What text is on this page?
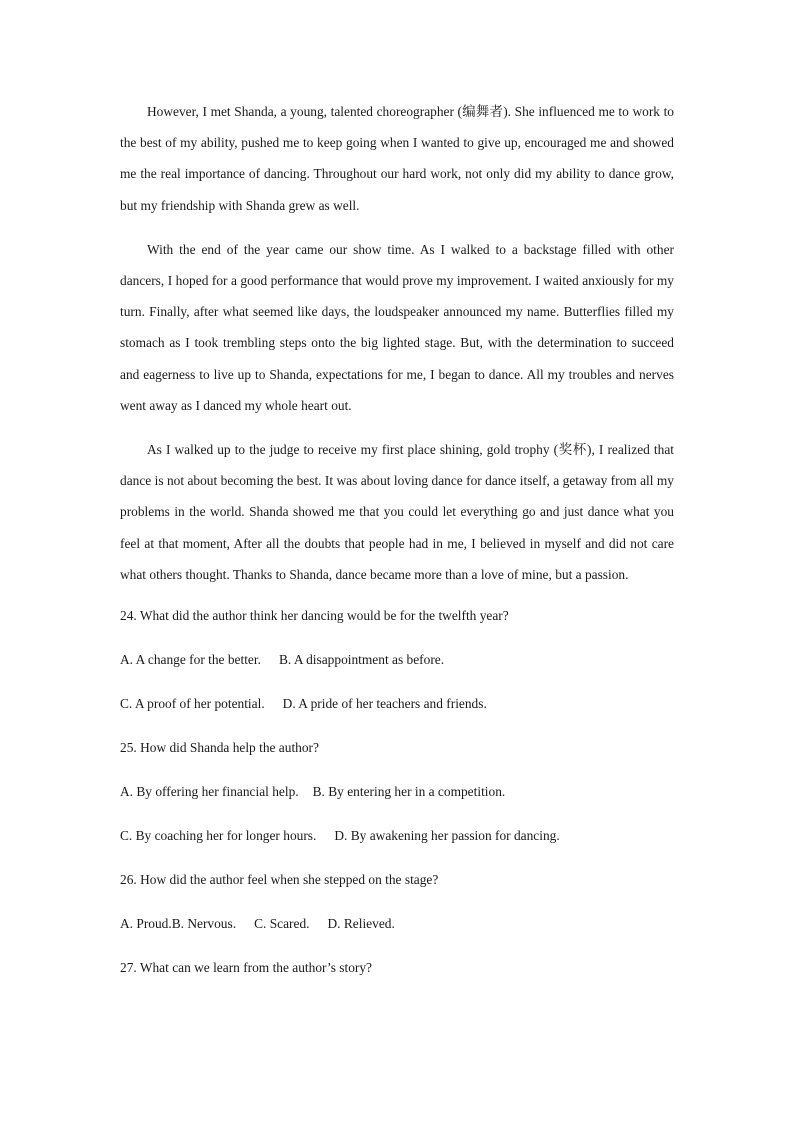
However, I met Shanda, a young, talented choreographer (编舞者). She influenced me to work to the best of my ability, pushed me to keep going when I wanted to give up, encouraged me and showed me the real importance of dancing. Throughout our hard work, not only did my ability to dance grow, but my friendship with Shanda grew as well.

With the end of the year came our show time. As I walked to a backstage filled with other dancers, I hoped for a good performance that would prove my improvement. I waited anxiously for my turn. Finally, after what seemed like days, the loudspeaker announced my name. Butterflies filled my stomach as I took trembling steps onto the big lighted stage. But, with the determination to succeed and eagerness to live up to Shanda, expectations for me, I began to dance. All my troubles and nerves went away as I danced my whole heart out.

As I walked up to the judge to receive my first place shining, gold trophy (奖杯), I realized that dance is not about becoming the best. It was about loving dance for dance itself, a getaway from all my problems in the world. Shanda showed me that you could let everything go and just dance what you feel at that moment, After all the doubts that people had in me, I believed in myself and did not care what others thought. Thanks to Shanda, dance became more than a love of mine, but a passion.

24. What did the author think her dancing would be for the twelfth year?
A. A change for the better. B. A disappointment as before.
C. A proof of her potential. D. A pride of her teachers and friends.
25. How did Shanda help the author?
A. By offering her financial help. B. By entering her in a competition.
C. By coaching her for longer hours. D. By awakening her passion for dancing.
26. How did the author feel when she stepped on the stage?
A. Proud.B. Nervous. C. Scared. D. Relieved.
27. What can we learn from the author’s story?
